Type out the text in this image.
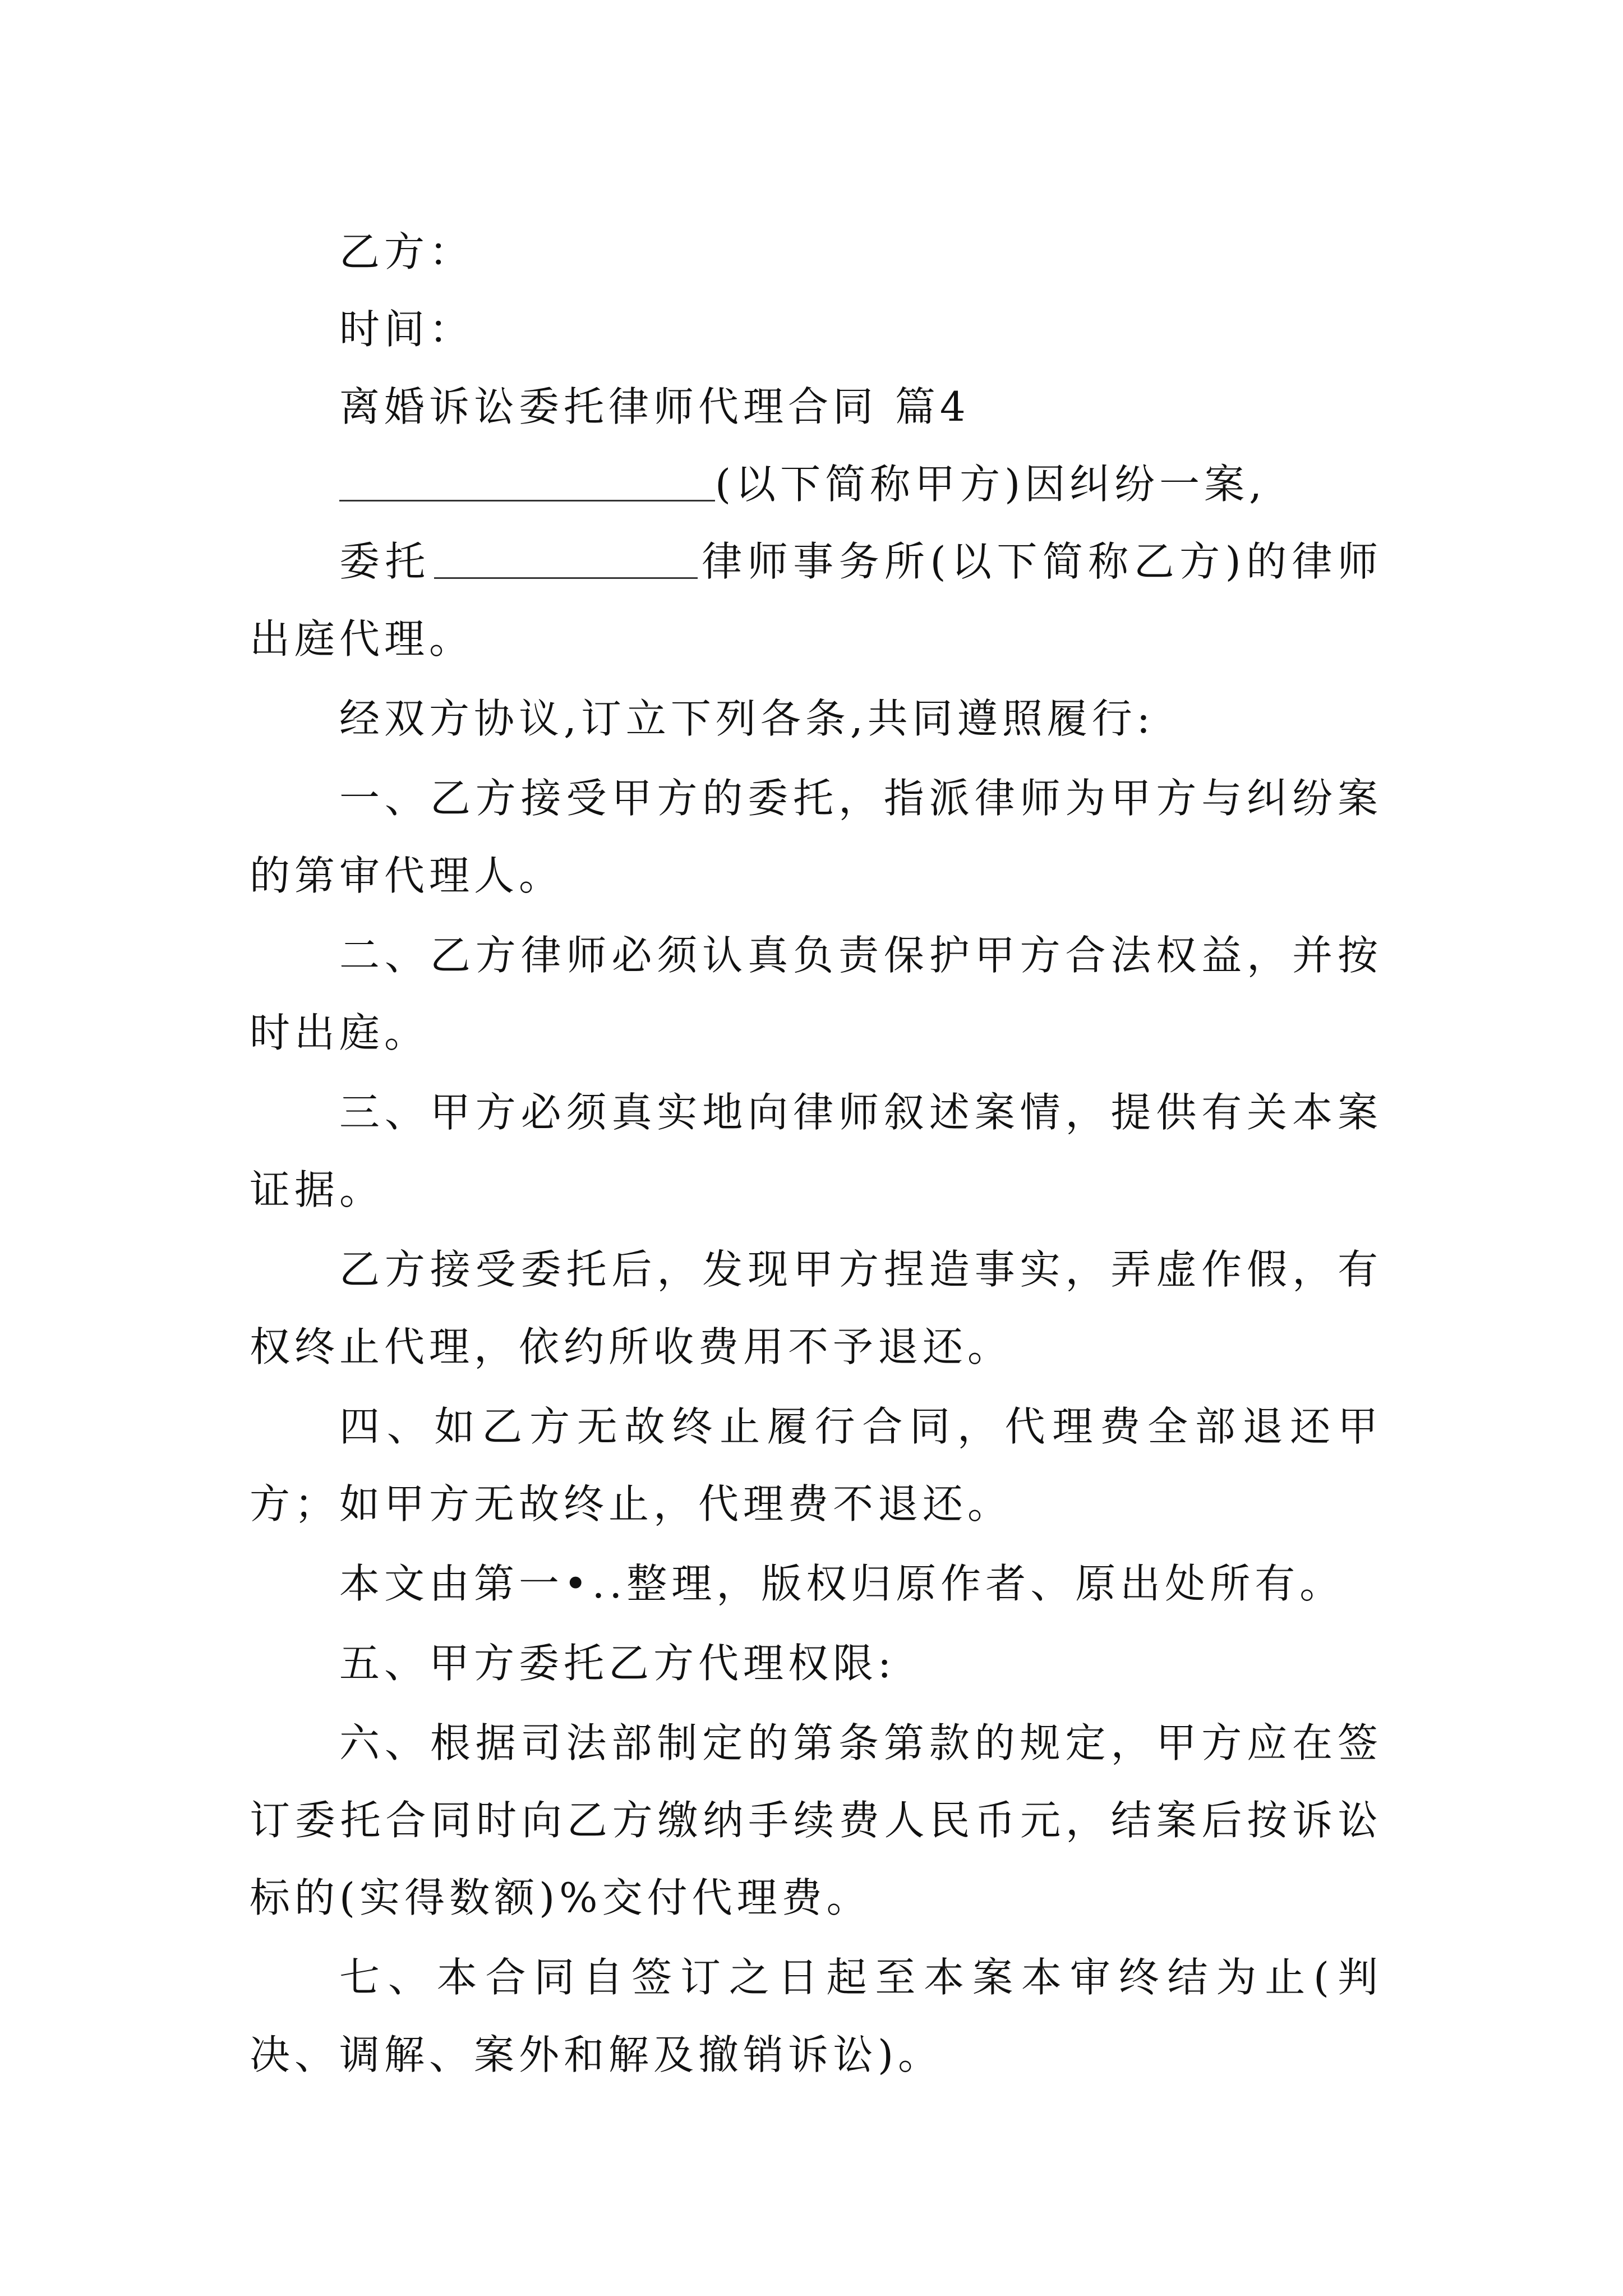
乙方：

时间：

离婚诉讼委托律师代理合同 篇4

(以下简称甲方)因纠纷一案,

委托	律师事务所(以下简称乙方)的律师出庭代理。

经双方协议,订立下列各条,共同遵照履行:

一、乙方接受甲方的委托，指派律师为甲方与纠纷案的第审代理人。

二、乙方律师必须认真负责保护甲方合法权益，并按时出庭。

三、甲方必须真实地向律师叙述案情，提供有关本案证据。

乙方接受委托后，发现甲方捏造事实，弄虚作假，有权终止代理，依约所收费用不予退还。

四、如乙方无故终止履行合同，代理费全部退还甲方；如甲方无故终止，代理费不退还。

本文由第一•..整理，版权归原作者、原出处所有。

五、甲方委托乙方代理权限:

六、根据司法部制定的第条第款的规定，甲方应在签订委托合同时向乙方缴纳手续费人民币元，结案后按诉讼标的(实得数额)%交付代理费。

七、本合同自签订之日起至本案本审终结为止(判决、调解、案外和解及撤销诉讼)。
